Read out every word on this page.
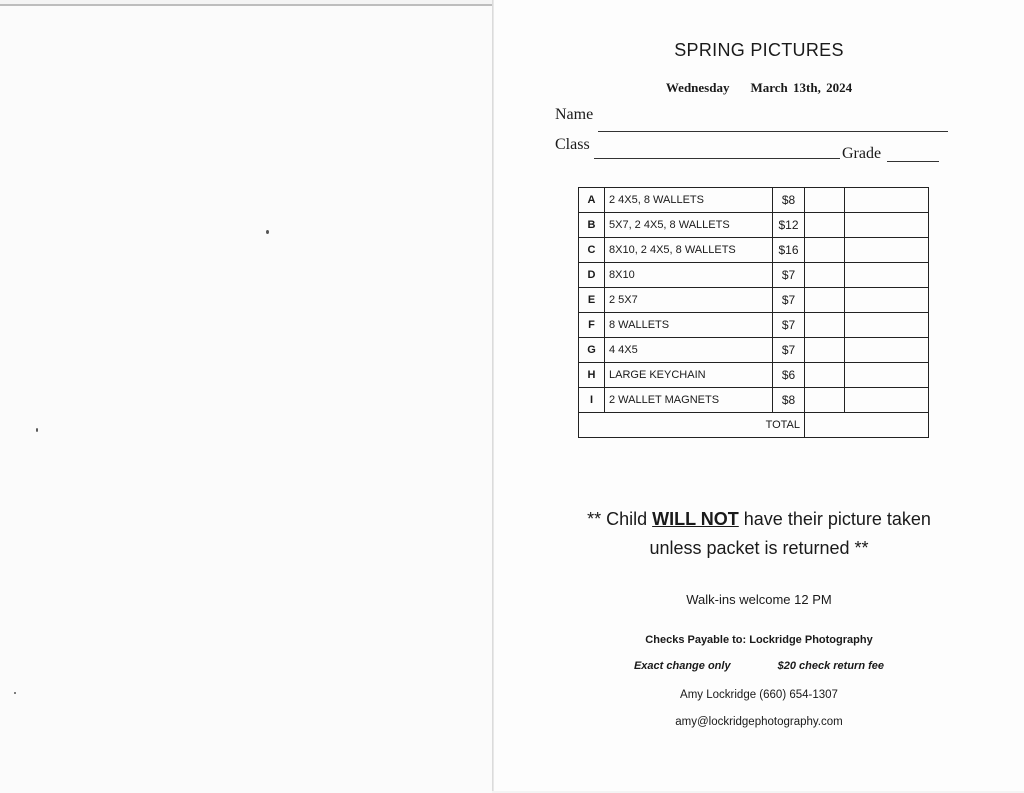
SPRING PICTURES
Wednesday March 13th, 2024
Name
Class
Grade
A	2 4X5, 8 WALLETS	$8		
B	5X7, 2 4X5, 8 WALLETS	$12		
C	8X10, 2 4X5, 8 WALLETS	$16		
D	8X10	$7		
E	2 5X7	$7		
F	8 WALLETS	$7		
G	4 4X5	$7		
H	LARGE KEYCHAIN	$6		
I	2 WALLET MAGNETS	$8		
TOTAL				
** Child WILL NOT have their picture taken
unless packet is returned **
Walk-ins welcome 12 PM
Checks Payable to: Lockridge Photography
Exact change only	$20 check return fee
Amy Lockridge (660) 654-1307
amy@lockridgephotography.com
